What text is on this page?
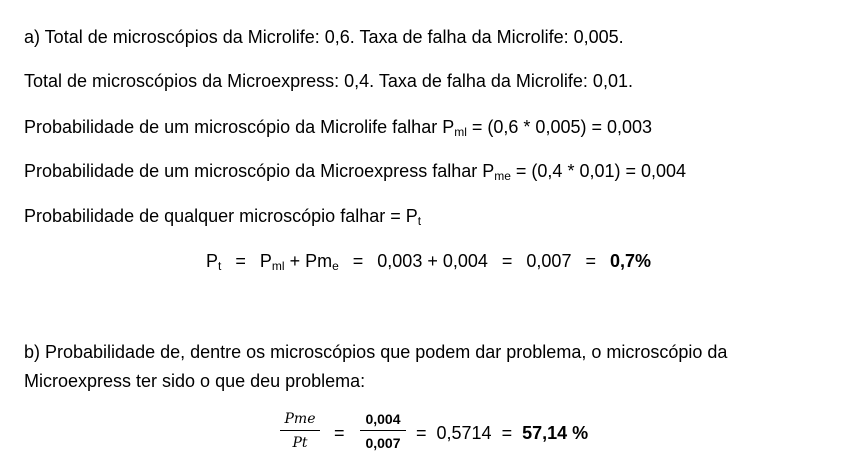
a) Total de microscópios da Microlife: 0,6. Taxa de falha da Microlife: 0,005.
Total de microscópios da Microexpress: 0,4. Taxa de falha da Microlife: 0,01.
Probabilidade de um microscópio da Microlife falhar $P_{ml} = (0,6 * 0,005) = 0,003$
Probabilidade de um microscópio da Microexpress falhar $P_{me} = (0,4 * 0,01) = 0,004$
Probabilidade de qualquer microscópio falhar = $P_t$
$P_t = P_{ml} + Pm_e = 0,003 + 0,004 = 0,007 = 0,7\%$
b) Probabilidade de, dentre os microscópios que podem dar problema, o microscópio da
Microexpress ter sido o que deu problema:
Pme
Pt	=
0,004
0,007 =  0,5714  = 57,14 %
